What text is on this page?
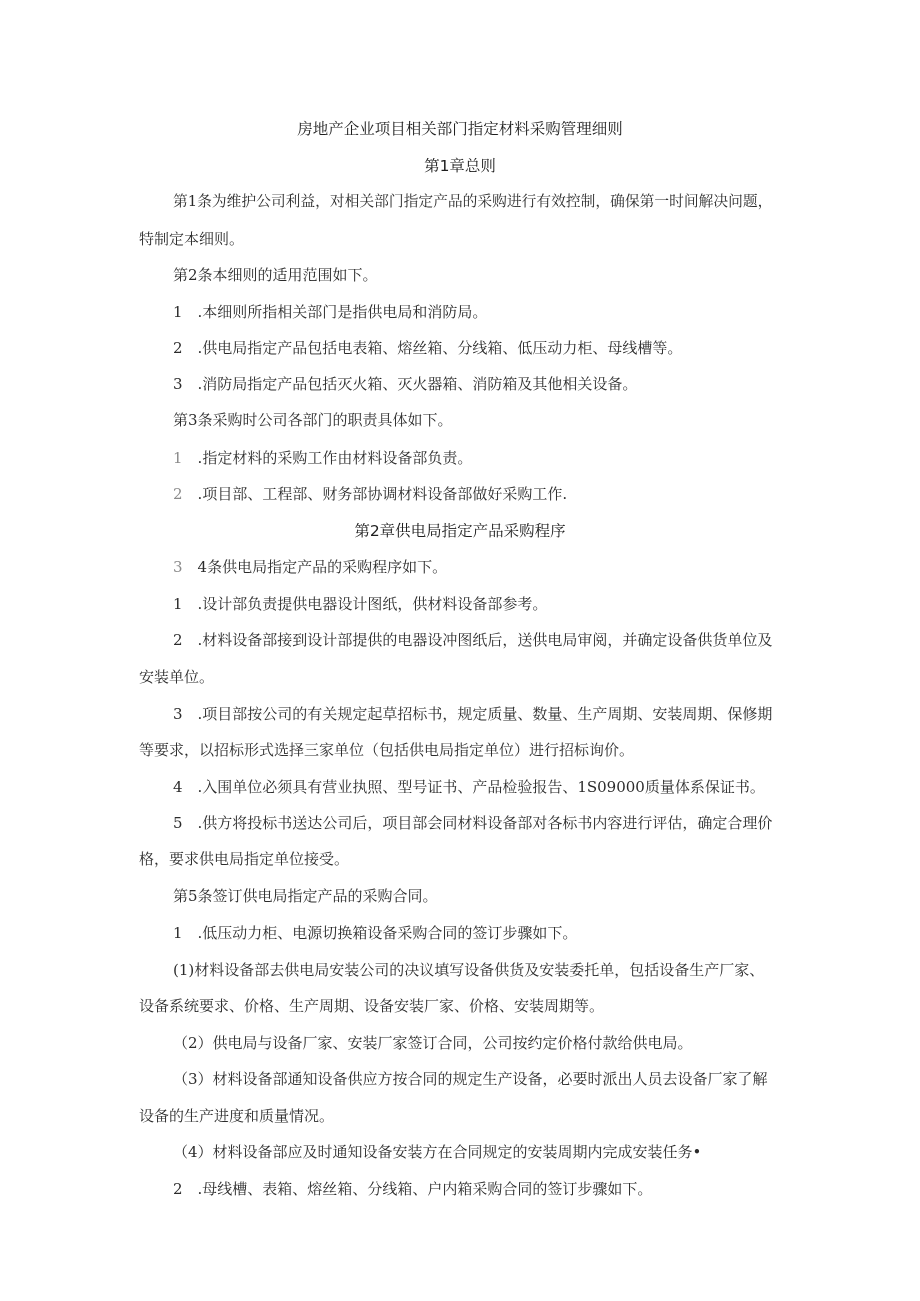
房地产企业项目相关部门指定材料采购管理细则
第1章总则
第1条为维护公司利益，对相关部门指定产品的采购进行有效控制，确保第一时间解决问题，
特制定本细则。
第2条本细则的适用范围如下。
1　.本细则所指相关部门是指供电局和消防局。
2　.供电局指定产品包括电表箱、熔丝箱、分线箱、低压动力柜、母线槽等。
3　.消防局指定产品包括灭火箱、灭火器箱、消防箱及其他相关设备。
第3条采购时公司各部门的职责具体如下。
1　.指定材料的采购工作由材料设备部负责。
2　.项目部、工程部、财务部协调材料设备部做好采购工作.
第2章供电局指定产品采购程序
3　4条供电局指定产品的采购程序如下。
1　.设计部负责提供电器设计图纸，供材料设备部参考。
2　.材料设备部接到设计部提供的电器设冲图纸后，送供电局审阅，并确定设备供货单位及
安装单位。
3　.项目部按公司的有关规定起草招标书，规定质量、数量、生产周期、安装周期、保修期
等要求，以招标形式选择三家单位（包括供电局指定单位）进行招标询价。
4　.入围单位必须具有营业执照、型号证书、产品检验报告、1S09000质量体系保证书。
5　.供方将投标书送达公司后，项目部会同材料设备部对各标书内容进行评估，确定合理价
格，要求供电局指定单位接受。
第5条签订供电局指定产品的采购合同。
1　.低压动力柜、电源切换箱设备采购合同的签订步骤如下。
(1)材料设备部去供电局安装公司的决议填写设备供货及安装委托单，包括设备生产厂家、
设备系统要求、价格、生产周期、设备安装厂家、价格、安装周期等。
（2）供电局与设备厂家、安装厂家签订合同，公司按约定价格付款给供电局。
（3）材料设备部通知设备供应方按合同的规定生产设备，必要时派出人员去设备厂家了解
设备的生产进度和质量情况。
（4）材料设备部应及时通知设备安装方在合同规定的安装周期内完成安装任务•
2　.母线槽、表箱、熔丝箱、分线箱、户内箱采购合同的签订步骤如下。
